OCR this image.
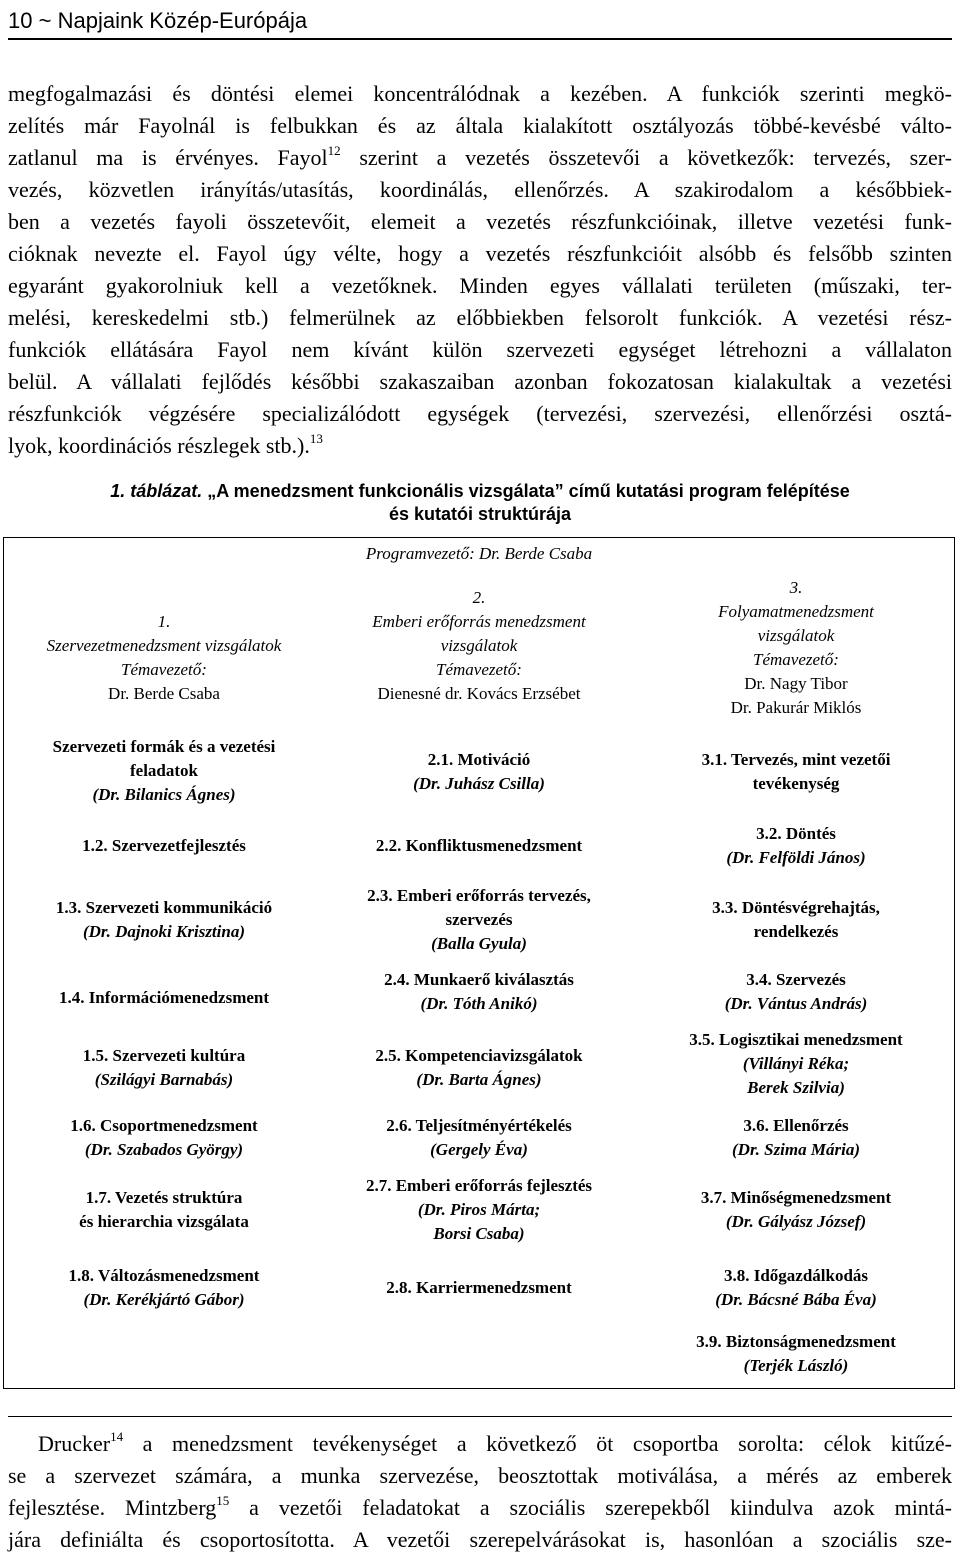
10 ~ Napjaink Közép-Európája
megfogalmazási és döntési elemei koncentrálódnak a kezében. A funkciók szerinti megkö-
zelítés már Fayolnál is felbukkan és az általa kialakított osztályozás többé-kevésbé válto-
zatlanul ma is érvényes. Fayol$^{12}$ szerint a vezetés összetevői a következők: tervezés, szer-
vezés, közvetlen irányítás/utasítás, koordinálás, ellenőrzés. A szakirodalom a későbbiek-
ben a vezetés fayoli összetevőit, elemeit a vezetés részfunkcióinak, illetve vezetési funk-
cióknak nevezte el. Fayol úgy vélte, hogy a vezetés részfunkcióit alsóbb és felsőbb szinten
egyaránt gyakorolniuk kell a vezetőknek. Minden egyes vállalati területen (műszaki, ter-
melési, kereskedelmi stb.) felmerülnek az előbbiekben felsorolt funkciók. A vezetési rész-
funkciók ellátására Fayol nem kívánt külön szervezeti egységet létrehozni a vállalaton
belül. A vállalati fejlődés későbbi szakaszaiban azonban fokozatosan kialakultak a vezetési
részfunkciók végzésére specializálódott egységek (tervezési, szervezési, ellenőrzési osztá-
lyok, koordinációs részlegek stb.).$^{13}$
1. táblázat. „A menedzsment funkcionális vizsgálata” című kutatási program felépítése
és kutatói struktúrája
Programvezető: Dr. Berde Csaba
1.
Szervezetmenedzsment vizsgálatok
Témavezető:
Dr. Berde Csaba
2.
Emberi erőforrás menedzsment
vizsgálatok
Témavezető:
Dienesné dr. Kovács Erzsébet
3.
Folyamatmenedzsment
vizsgálatok
Témavezető:
Dr. Nagy Tibor
Dr. Pakurár Miklós
Szervezeti formák és a vezetési
feladatok
(Dr. Bilanics Ágnes)
2.1. Motiváció
(Dr. Juhász Csilla)
3.1. Tervezés, mint vezetői
tevékenység
1.2. Szervezetfejlesztés	2.2. Konfliktusmenedzsment
3.2. Döntés
(Dr. Felföldi János)
1.3. Szervezeti kommunikáció
(Dr. Dajnoki Krisztina)
2.3. Emberi erőforrás tervezés,
szervezés
(Balla Gyula)
3.3. Döntésvégrehajtás,
rendelkezés
1.4. Információmenedzsment
2.4. Munkaerő kiválasztás
(Dr. Tóth Anikó)
3.4. Szervezés
(Dr. Vántus András)
1.5. Szervezeti kultúra
(Szilágyi Barnabás)
2.5. Kompetenciavizsgálatok
(Dr. Barta Ágnes)
3.5. Logisztikai menedzsment
(Villányi Réka;
Berek Szilvia)
1.6. Csoportmenedzsment
(Dr. Szabados György)
2.6. Teljesítményértékelés
(Gergely Éva)
3.6. Ellenőrzés
(Dr. Szima Mária)
1.7. Vezetés struktúra
és hierarchia vizsgálata
2.7. Emberi erőforrás fejlesztés
(Dr. Piros Márta;
Borsi Csaba)
3.7. Minőségmenedzsment
(Dr. Gályász József)
1.8. Változásmenedzsment
(Dr. Kerékjártó Gábor)
2.8. Karriermenedzsment
3.8. Időgazdálkodás
(Dr. Bácsné Bába Éva)
3.9. Biztonságmenedzsment
(Terjék László)
Drucker$^{14}$ a menedzsment tevékenységet a következő öt csoportba sorolta: célok kitűzé-
se a szervezet számára, a munka szervezése, beosztottak motiválása, a mérés az emberek
fejlesztése. Mintzberg$^{15}$ a vezetői feladatokat a szociális szerepekből kiindulva azok mintá-
jára definiálta és csoportosította. A vezetői szerepelvárásokat is, hasonlóan a szociális sze-
